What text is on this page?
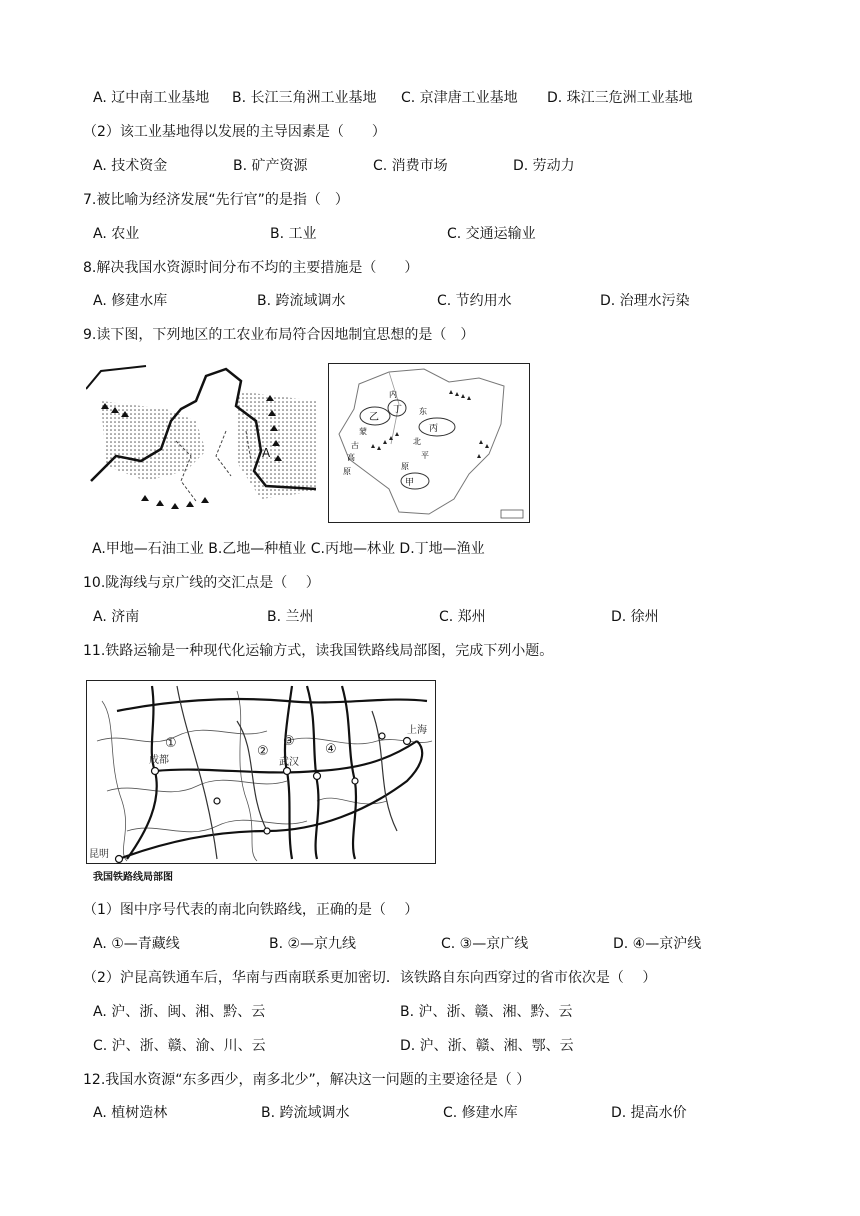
A. 辽中南工业基地 B. 长江三角洲工业基地 C. 京津唐工业基地 D. 珠江三危洲工业基地
（2）该工业基地得以发展的主导因素是（　　）
A. 技术资金	B. 矿产资源	C. 消费市场	D. 劳动力
7.被比喻为经济发展“先行官”的是指（　）
A. 农业	B. 工业	C. 交通运输业
8.解决我国水资源时间分布不均的主要措施是（　　）
A. 修建水库	B. 跨流域调水	C. 节约用水	D. 治理水污染
9.读下图，下列地区的工农业布局符合因地制宜思想的是（　）
A
乙
丁
丙
甲
内
蒙
古
高
原
东
北
平
原
A.甲地—石油工业 B.乙地—种植业 C.丙地—林业 D.丁地—渔业
10.陇海线与京广线的交汇点是（　 ）
A. 济南	B. 兰州	C. 郑州	D. 徐州
11.铁路运输是一种现代化运输方式，读我国铁路线局部图，完成下列小题。
①
②
③
④
成都	武汉
上海
昆明
我国铁路线局部图
（1）图中序号代表的南北向铁路线，正确的是（　 ）
A. ①—青藏线	B. ②—京九线	C. ③—京广线	D. ④—京沪线
（2）沪昆高铁通车后，华南与西南联系更加密切．该铁路自东向西穿过的省市依次是（　 ）
A. 沪、浙、闽、湘、黔、云	B. 沪、浙、赣、湘、黔、云
C. 沪、浙、赣、渝、川、云	D. 沪、浙、赣、湘、鄂、云
12.我国水资源“东多西少，南多北少”，解决这一问题的主要途径是（ ）
A. 植树造林	B. 跨流域调水	C. 修建水库	D. 提高水价
